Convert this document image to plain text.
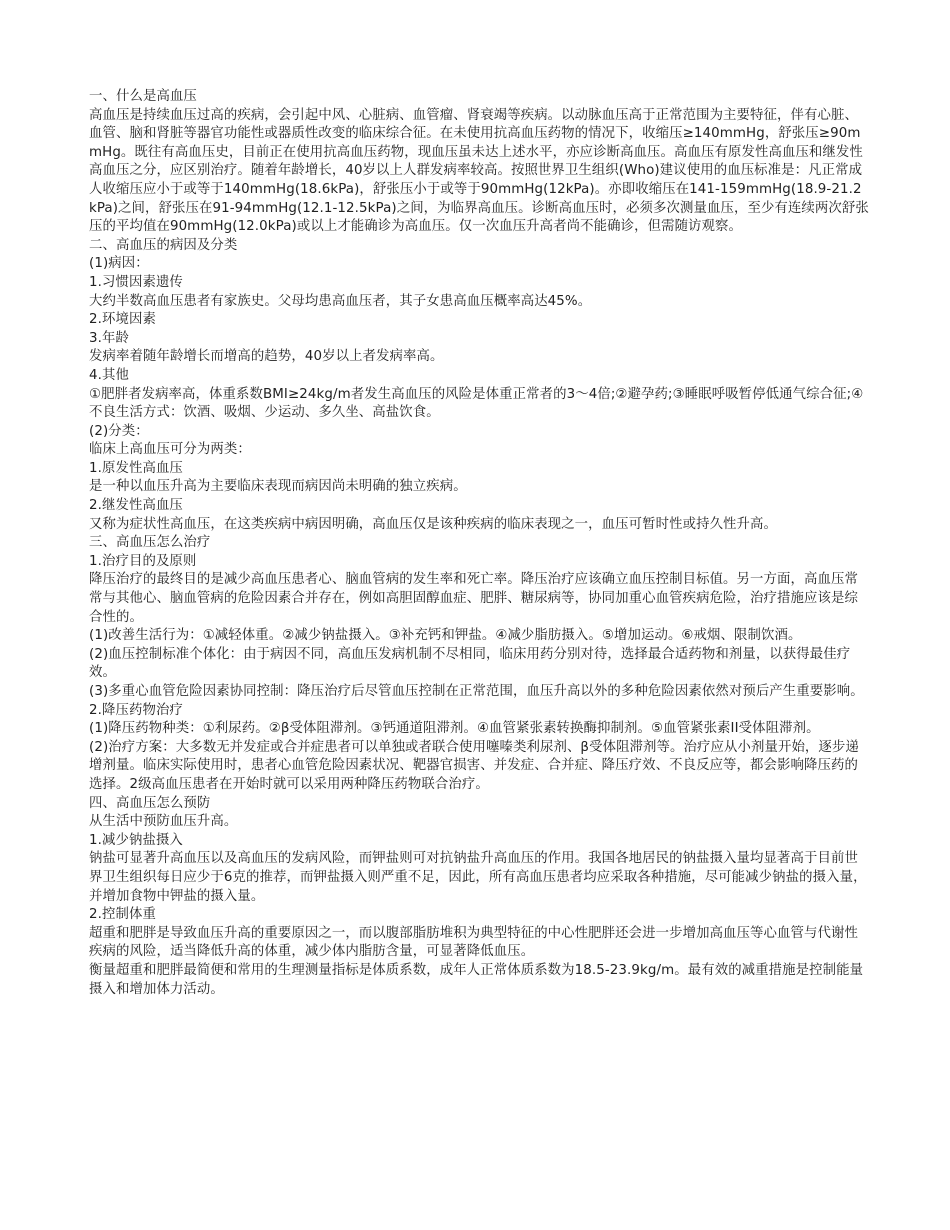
一、什么是高血压

高血压是持续血压过高的疾病，会引起中风、心脏病、血管瘤、肾衰竭等疾病。以动脉血压高于正常范围为主要特征，伴有心脏、血管、脑和肾脏等器官功能性或器质性改变的临床综合征。在未使用抗高血压药物的情况下，收缩压≥140mmHg，舒张压≥90mmHg。既往有高血压史，目前正在使用抗高血压药物，现血压虽未达上述水平，亦应诊断高血压。高血压有原发性高血压和继发性高血压之分，应区别治疗。随着年龄增长，40岁以上人群发病率较高。按照世界卫生组织(Who)建议使用的血压标准是：凡正常成人收缩压应小于或等于140mmHg(18.6kPa)，舒张压小于或等于90mmHg(12kPa)。亦即收缩压在141-159mmHg(18.9-21.2kPa)之间，舒张压在91-94mmHg(12.1-12.5kPa)之间，为临界高血压。诊断高血压时，必须多次测量血压，至少有连续两次舒张压的平均值在90mmHg(12.0kPa)或以上才能确诊为高血压。仅一次血压升高者尚不能确诊，但需随访观察。

二、高血压的病因及分类

(1)病因：

1.习惯因素遗传

大约半数高血压患者有家族史。父母均患高血压者，其子女患高血压概率高达45%。

2.环境因素

3.年龄

发病率着随年龄增长而增高的趋势，40岁以上者发病率高。

4.其他

①肥胖者发病率高，体重系数BMI≥24kg/m者发生高血压的风险是体重正常者的3～4倍;②避孕药;③睡眠呼吸暂停低通气综合征;④不良生活方式：饮酒、吸烟、少运动、多久坐、高盐饮食。

(2)分类：

临床上高血压可分为两类：

1.原发性高血压

是一种以血压升高为主要临床表现而病因尚未明确的独立疾病。

2.继发性高血压

又称为症状性高血压，在这类疾病中病因明确，高血压仅是该种疾病的临床表现之一，血压可暂时性或持久性升高。

三、高血压怎么治疗

1.治疗目的及原则

降压治疗的最终目的是减少高血压患者心、脑血管病的发生率和死亡率。降压治疗应该确立血压控制目标值。另一方面，高血压常常与其他心、脑血管病的危险因素合并存在，例如高胆固醇血症、肥胖、糖尿病等，协同加重心血管疾病危险，治疗措施应该是综合性的。

(1)改善生活行为：①减轻体重。②减少钠盐摄入。③补充钙和钾盐。④减少脂肪摄入。⑤增加运动。⑥戒烟、限制饮酒。

(2)血压控制标准个体化：由于病因不同，高血压发病机制不尽相同，临床用药分别对待，选择最合适药物和剂量，以获得最佳疗效。

(3)多重心血管危险因素协同控制：降压治疗后尽管血压控制在正常范围，血压升高以外的多种危险因素依然对预后产生重要影响。

2.降压药物治疗

(1)降压药物种类：①利尿药。②β受体阻滞剂。③钙通道阻滞剂。④血管紧张素转换酶抑制剂。⑤血管紧张素II受体阻滞剂。

(2)治疗方案：大多数无并发症或合并症患者可以单独或者联合使用噻嗪类利尿剂、β受体阻滞剂等。治疗应从小剂量开始，逐步递增剂量。临床实际使用时，患者心血管危险因素状况、靶器官损害、并发症、合并症、降压疗效、不良反应等，都会影响降压药的选择。2级高血压患者在开始时就可以采用两种降压药物联合治疗。

四、高血压怎么预防

从生活中预防血压升高。

1.减少钠盐摄入

钠盐可显著升高血压以及高血压的发病风险，而钾盐则可对抗钠盐升高血压的作用。我国各地居民的钠盐摄入量均显著高于目前世界卫生组织每日应少于6克的推荐，而钾盐摄入则严重不足，因此，所有高血压患者均应采取各种措施，尽可能减少钠盐的摄入量，并增加食物中钾盐的摄入量。

2.控制体重

超重和肥胖是导致血压升高的重要原因之一，而以腹部脂肪堆积为典型特征的中心性肥胖还会进一步增加高血压等心血管与代谢性疾病的风险，适当降低升高的体重，减少体内脂肪含量，可显著降低血压。

衡量超重和肥胖最简便和常用的生理测量指标是体质系数，成年人正常体质系数为18.5-23.9kg/m。最有效的减重措施是控制能量摄入和增加体力活动。
